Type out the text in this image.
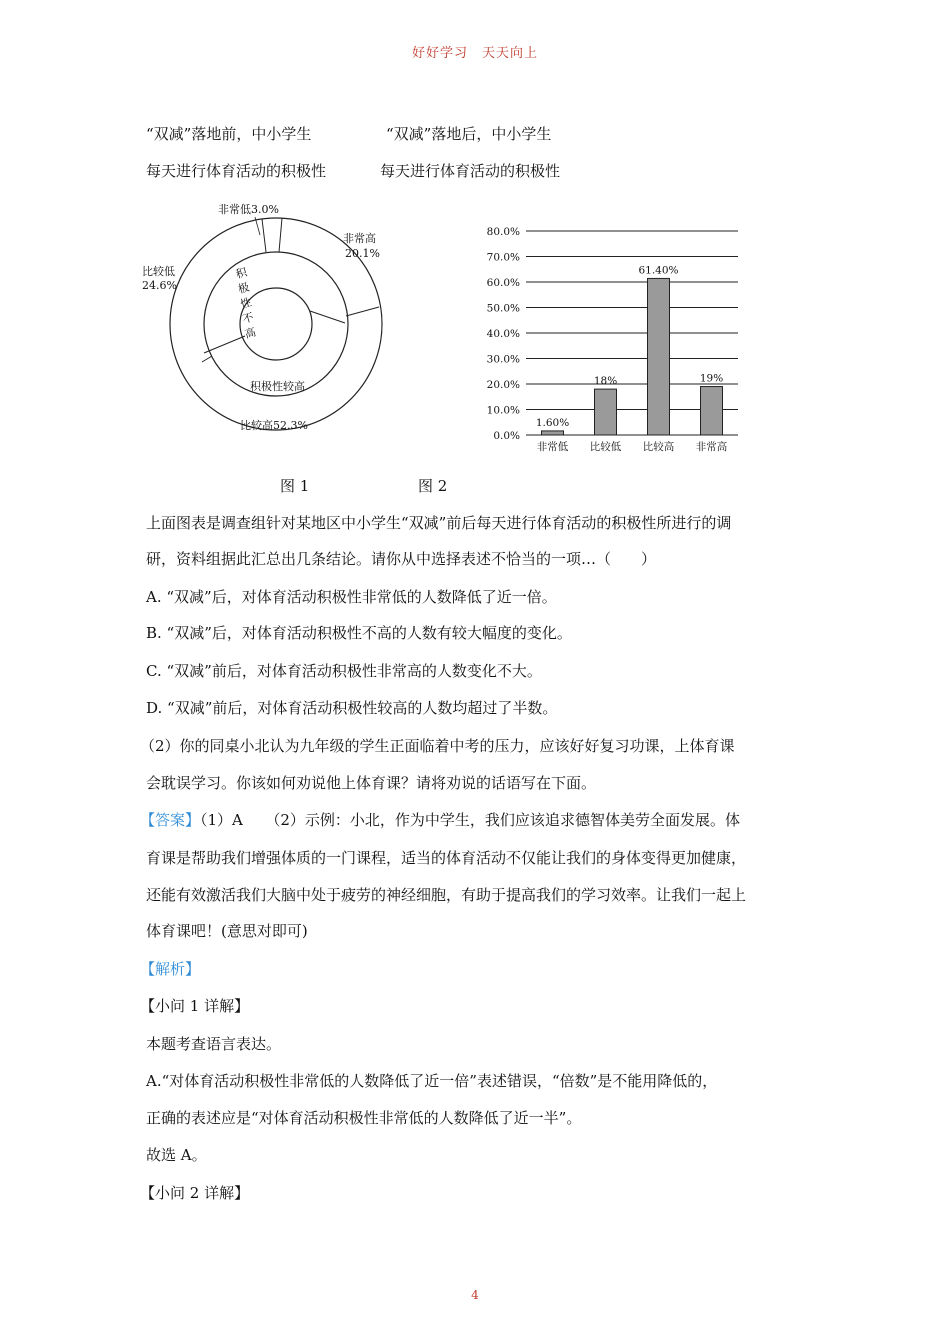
好好学习　天天向上
“双减”落地前，中小学生	“双减”落地后，中小学生
每天进行体育活动的积极性	每天进行体育活动的积极性
非常低3.0%
非常高
20.1%
比较高52.3%
比较低
24.6%
积极性较高
积
极
性
不
高
0.0%
10.0%
20.0%
30.0%
40.0%
50.0%
60.0%
70.0%
80.0%
1.60%
18%
61.40%
19%
非常低 比较低 比较高 非常高
图 1	图 2
上面图表是调查组针对某地区中小学生“双减”前后每天进行体育活动的积极性所进行的调
研，资料组据此汇总出几条结论。请你从中选择表述不恰当的一项…（　　）
A. “双减”后，对体育活动积极性非常低的人数降低了近一倍。
B. “双减”后，对体育活动积极性不高的人数有较大幅度的变化。
C. “双减”前后，对体育活动积极性非常高的人数变化不大。
D. “双减”前后，对体育活动积极性较高的人数均超过了半数。
（2）你的同桌小北认为九年级的学生正面临着中考的压力，应该好好复习功课，上体育课
会耽误学习。你该如何劝说他上体育课？请将劝说的话语写在下面。
【答案】（1）A　　（2）示例：小北，作为中学生，我们应该追求德智体美劳全面发展。体
育课是帮助我们增强体质的一门课程，适当的体育活动不仅能让我们的身体变得更加健康，
还能有效激活我们大脑中处于疲劳的神经细胞，有助于提高我们的学习效率。让我们一起上
体育课吧！(意思对即可)
【解析】
【小问 1 详解】
本题考查语言表达。
A.“对体育活动积极性非常低的人数降低了近一倍”表述错误，“倍数”是不能用降低的，
正确的表述应是“对体育活动积极性非常低的人数降低了近一半”。
故选 A。
【小问 2 详解】
4
